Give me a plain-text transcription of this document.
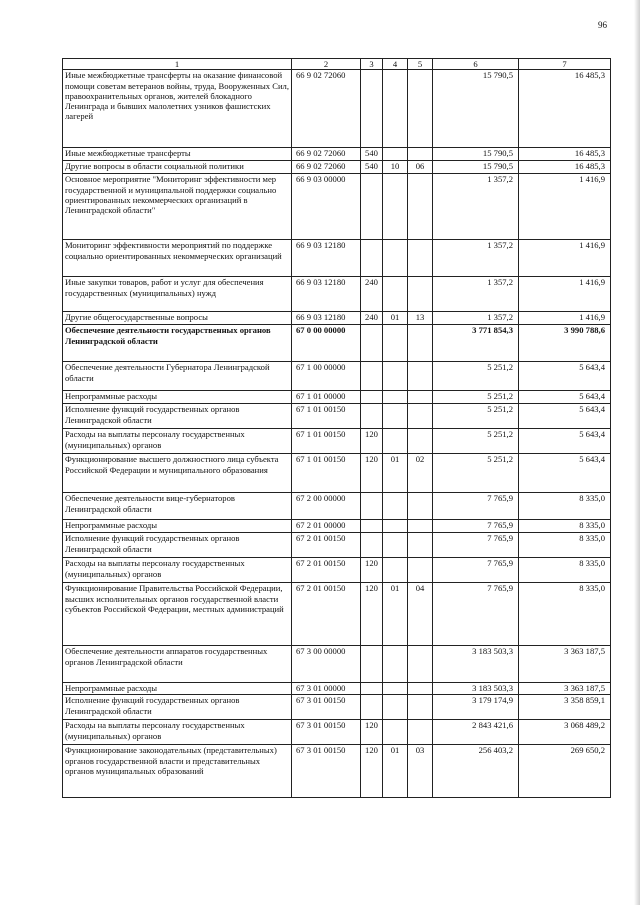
96
1	2	3	4	5	6	7
Иные межбюджетные трансферты на оказание финансовой помощи советам ветеранов войны, труда, Вооруженных Сил, правоохранительных органов, жителей блокадного Ленинграда и бывших малолетних узников фашистских лагерей	66 9 02 72060				15 790,5	16 485,3
Иные межбюджетные трансферты	66 9 02 72060	540			15 790,5	16 485,3
Другие вопросы в области социальной политики	66 9 02 72060	540	10	06	15 790,5	16 485,3
Основное мероприятие "Мониторинг эффективности мер государственной и муниципальной поддержки социально ориентированных некоммерческих организаций в Ленинградской области"	66 9 03 00000				1 357,2	1 416,9
Мониторинг эффективности мероприятий по поддержке социально ориентированных некоммерческих организаций	66 9 03 12180				1 357,2	1 416,9
Иные закупки товаров, работ и услуг для обеспечения государственных (муниципальных) нужд	66 9 03 12180	240			1 357,2	1 416,9
Другие общегосударственные вопросы	66 9 03 12180	240	01	13	1 357,2	1 416,9
Обеспечение деятельности государственных органов Ленинградской области	67 0 00 00000				3 771 854,3	3 990 788,6
Обеспечение деятельности Губернатора Ленинградской области	67 1 00 00000				5 251,2	5 643,4
Непрограммные расходы	67 1 01 00000				5 251,2	5 643,4
Исполнение функций государственных органов Ленинградской области	67 1 01 00150				5 251,2	5 643,4
Расходы на выплаты персоналу государственных (муниципальных) органов	67 1 01 00150	120			5 251,2	5 643,4
Функционирование высшего должностного лица субъекта Российской Федерации и муниципального образования	67 1 01 00150	120	01	02	5 251,2	5 643,4
Обеспечение деятельности вице-губернаторов Ленинградской области	67 2 00 00000				7 765,9	8 335,0
Непрограммные расходы	67 2 01 00000				7 765,9	8 335,0
Исполнение функций государственных органов Ленинградской области	67 2 01 00150				7 765,9	8 335,0
Расходы на выплаты персоналу государственных (муниципальных) органов	67 2 01 00150	120			7 765,9	8 335,0
Функционирование Правительства Российской Федерации, высших исполнительных органов государственной власти субъектов Российской Федерации, местных администраций	67 2 01 00150	120	01	04	7 765,9	8 335,0
Обеспечение деятельности аппаратов государственных органов Ленинградской области	67 3 00 00000				3 183 503,3	3 363 187,5
Непрограммные расходы	67 3 01 00000				3 183 503,3	3 363 187,5
Исполнение функций государственных органов Ленинградской области	67 3 01 00150				3 179 174,9	3 358 859,1
Расходы на выплаты персоналу государственных (муниципальных) органов	67 3 01 00150	120			2 843 421,6	3 068 489,2
Функционирование законодательных (представительных) органов государственной власти и представительных органов муниципальных образований	67 3 01 00150	120	01	03	256 403,2	269 650,2
